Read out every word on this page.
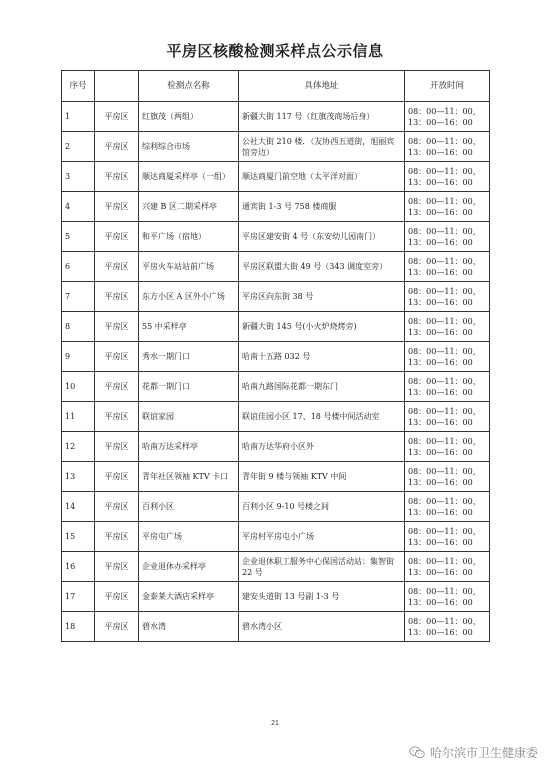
平房区核酸检测采样点公示信息
序号		检测点名称	具体地址	开放时间
1	平房区	红旗茂（两组）	新疆大街 117 号（红旗茂商场后身）	08：00—11：00，
13：00—16：00
2	平房区	综利综合市场	公社大街 210 楼．（友协西五道街，旭丽宾馆旁边）	08：00—11：00，
13：00—16：00
3	平房区	顺达商厦采样亭（一组）	顺达商厦门前空地（太平洋对面）	08：00—11：00，
13：00—16：00
4	平房区	兴建 B 区二期采样亭	通宾街 1-3 号 758 楼商服	08：00—11：00，
13：00—16：00
5	平房区	和平广场（宿地）	平房区建安街 4 号（东安幼儿园南门）	08：00—11：00，
13：00—16：00
6	平房区	平房火车站站前广场	平房区联盟大街 49 号（343 调度室旁）	08：00—11：00，
13：00—16：00
7	平房区	东方小区 A 区外小广场	平房区向东街 38 号	08：00—11：00，
13：00—16：00
8	平房区	55 中采样亭	新疆大街 145 号(小火炉烧烤旁)	08：00—11：00，
13：00—16：00
9	平房区	秀水一期门口	哈南十五路 032 号	08：00—11：00，
13：00—16：00
10	平房区	花都一期门口	哈南九路国际花都一期东门	08：00—11：00，
13：00—16：00
11	平房区	联谊家园	联谊佳园小区 17、18 号楼中间活动室	08：00—11：00，
13：00—16：00
12	平房区	哈南万达采样亭	哈南万达华府小区外	08：00—11：00，
13：00—16：00
13	平房区	青年社区领袖 KTV 卡口	青年街 9 楼与领袖 KTV 中间	08：00—11：00，
13：00—16：00
14	平房区	百利小区	百利小区 9-10 号楼之间	08：00—11：00，
13：00—16：00
15	平房区	平房屯广场	平房村平房屯小广场	08：00—11：00，
13：00—16：00
16	平房区	企业退休办采样亭	企业退休职工服务中心保国活动站：集智街 22 号	08：00—11：00，
13：00—16：00
17	平房区	金泰莱大酒店采样亭	建安头道街 13 号副 1-3 号	08：00—11：00，
13：00—16：00
18	平房区	碧水湾	碧水湾小区	08：00—11：00，
13：00—16：00
21
哈尔滨市卫生健康委
